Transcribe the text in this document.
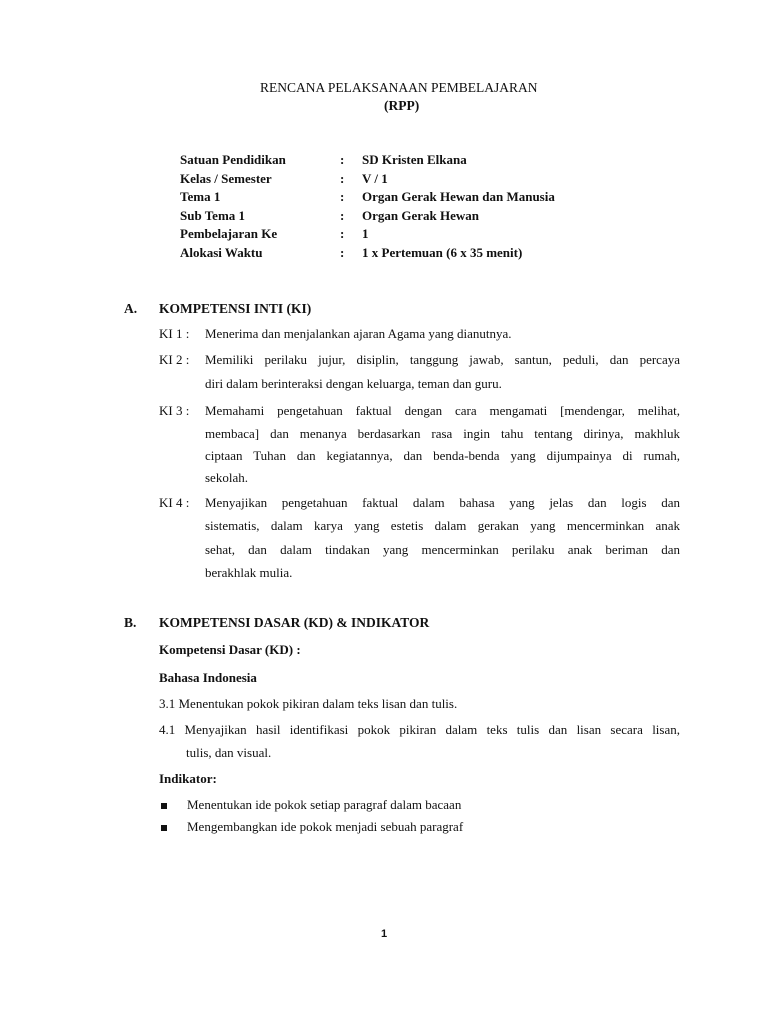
RENCANA PELAKSANAAN PEMBELAJARAN
(RPP)
Satuan Pendidikan	: SD Kristen Elkana
Kelas / Semester	: V / 1
Tema 1	: Organ Gerak Hewan dan Manusia
Sub Tema 1	: Organ Gerak Hewan
Pembelajaran Ke	: 1
Alokasi Waktu	: 1 x Pertemuan (6 x 35 menit)
A. KOMPETENSI INTI (KI)
KI 1 : Menerima dan menjalankan ajaran Agama yang dianutnya.
KI 2 : Memiliki perilaku jujur, disiplin, tanggung jawab, santun, peduli, dan percaya
diri dalam berinteraksi dengan keluarga, teman dan guru.
KI 3 : Memahami pengetahuan faktual dengan cara mengamati [mendengar, melihat,
membaca] dan menanya berdasarkan rasa ingin tahu tentang dirinya, makhluk
ciptaan Tuhan dan kegiatannya, dan benda-benda yang dijumpainya di rumah,
sekolah.
KI 4 : Menyajikan pengetahuan faktual dalam bahasa yang jelas dan logis dan
sistematis, dalam karya yang estetis dalam gerakan yang mencerminkan anak
sehat, dan dalam tindakan yang mencerminkan perilaku anak beriman dan
berakhlak mulia.
B. KOMPETENSI DASAR (KD) & INDIKATOR
Kompetensi Dasar (KD) :
Bahasa Indonesia
3.1 Menentukan pokok pikiran dalam teks lisan dan tulis.
4.1 Menyajikan hasil identifikasi pokok pikiran dalam teks tulis dan lisan secara lisan,
tulis, dan visual.
Indikator:
Menentukan ide pokok setiap paragraf dalam bacaan
Mengembangkan ide pokok menjadi sebuah paragraf
1
